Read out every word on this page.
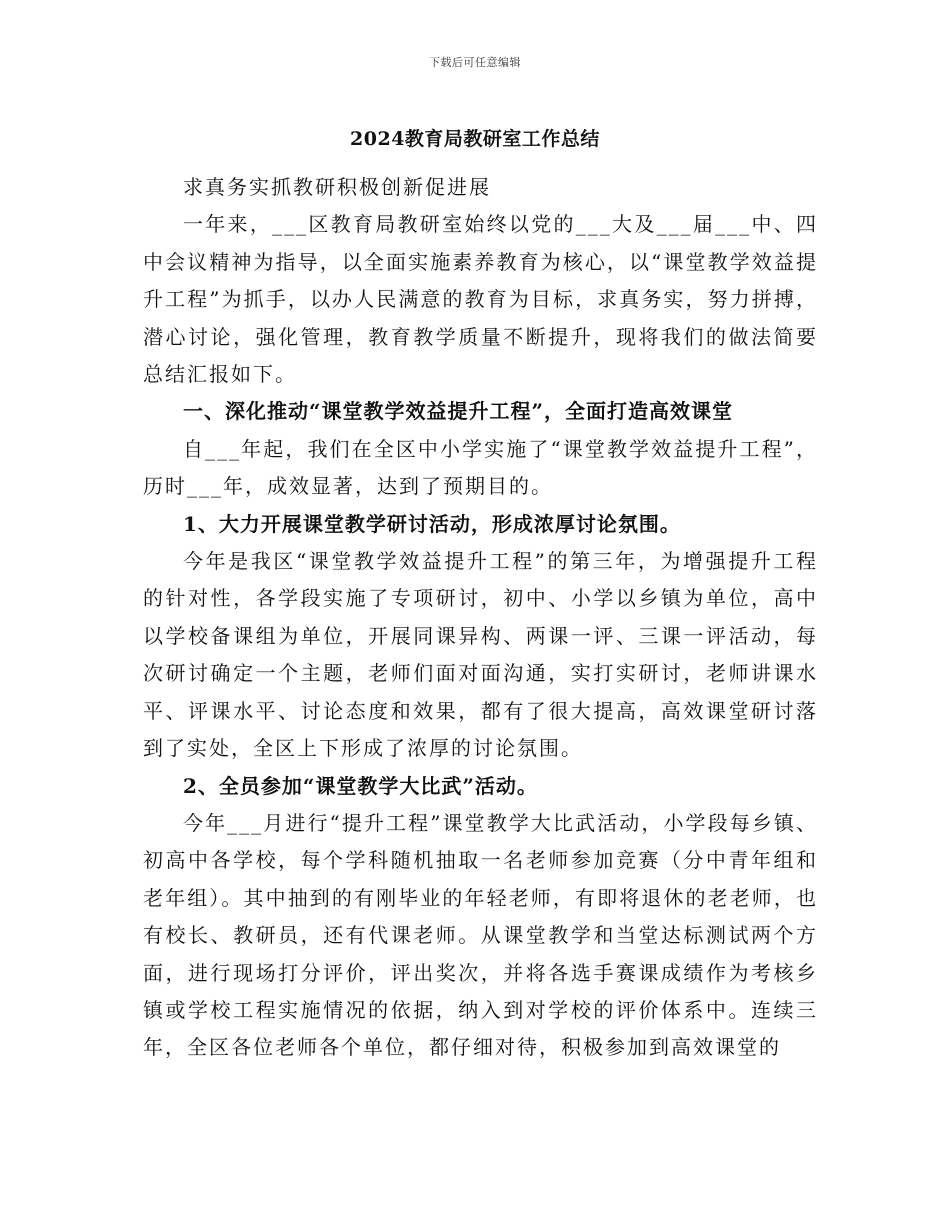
下载后可任意编辑
2024教育局教研室工作总结

求真务实抓教研积极创新促进展

一年来，___区教育局教研室始终以党的___大及___届___中、四中会议精神为指导，以全面实施素养教育为核心，以“课堂教学效益提升工程”为抓手，以办人民满意的教育为目标，求真务实，努力拼搏，潜心讨论，强化管理，教育教学质量不断提升，现将我们的做法简要总结汇报如下。

一、深化推动“课堂教学效益提升工程”，全面打造高效课堂

自___年起，我们在全区中小学实施了“课堂教学效益提升工程”，历时___年，成效显著，达到了预期目的。

1、大力开展课堂教学研讨活动，形成浓厚讨论氛围。

今年是我区“课堂教学效益提升工程”的第三年，为增强提升工程的针对性，各学段实施了专项研讨，初中、小学以乡镇为单位，高中以学校备课组为单位，开展同课异构、两课一评、三课一评活动，每次研讨确定一个主题，老师们面对面沟通，实打实研讨，老师讲课水平、评课水平、讨论态度和效果，都有了很大提高，高效课堂研讨落到了实处，全区上下形成了浓厚的讨论氛围。

2、全员参加“课堂教学大比武”活动。

今年___月进行“提升工程”课堂教学大比武活动，小学段每乡镇、初高中各学校，每个学科随机抽取一名老师参加竞赛（分中青年组和老年组）。其中抽到的有刚毕业的年轻老师，有即将退休的老老师，也有校长、教研员，还有代课老师。从课堂教学和当堂达标测试两个方面，进行现场打分评价，评出奖次，并将各选手赛课成绩作为考核乡镇或学校工程实施情况的依据，纳入到对学校的评价体系中。连续三年，全区各位老师各个单位，都仔细对待，积极参加到高效课堂的
